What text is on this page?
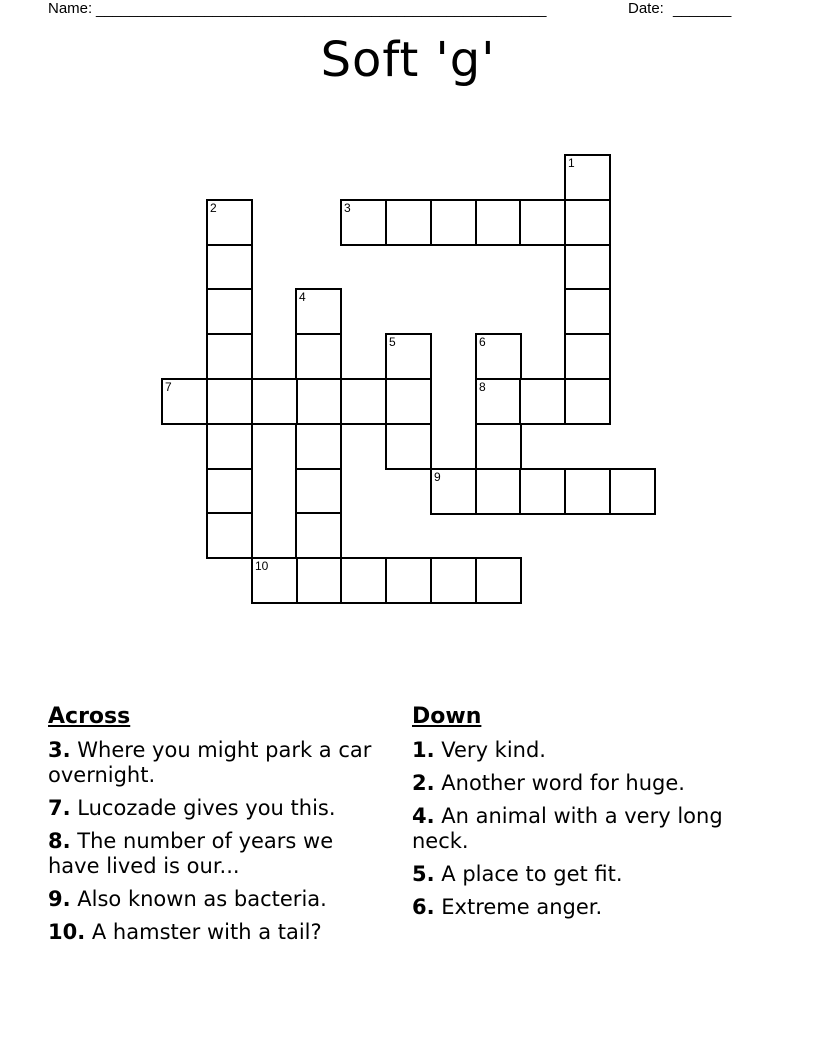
Name: ______________________________________________________	Date: _______
Soft 'g'
1
2	3
4
5	6
8
7
9
10
Across
3. Where you might park a car overnight.
7. Lucozade gives you this.
8. The number of years we have lived is our...
9. Also known as bacteria.
10. A hamster with a tail?
Down
1. Very kind.
2. Another word for huge.
4. An animal with a very long neck.
5. A place to get fit.
6. Extreme anger.
